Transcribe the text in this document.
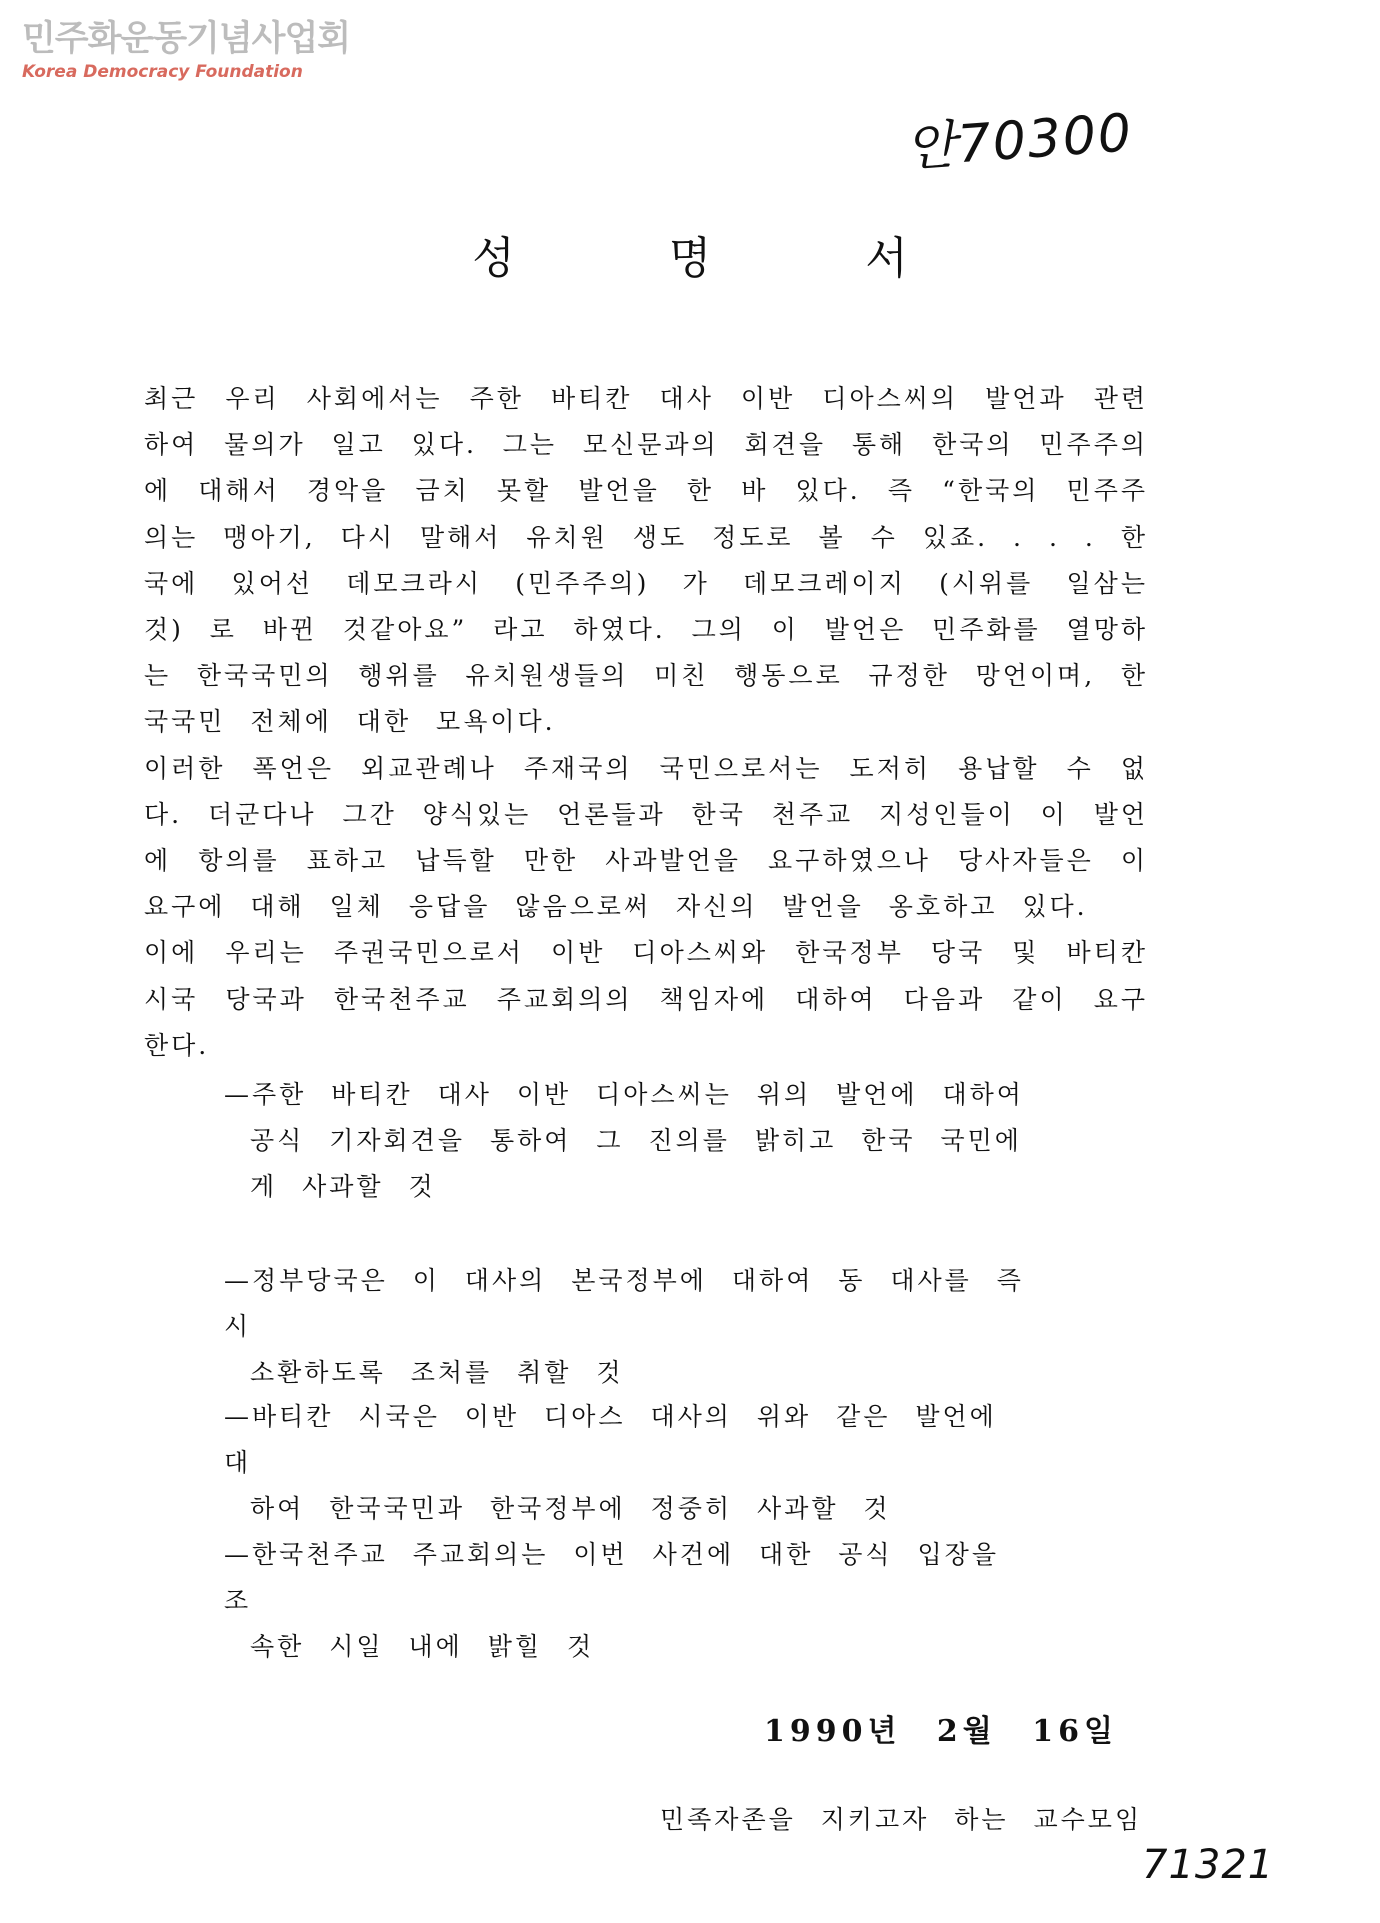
민주화운동기념사업회
Korea Democracy Foundation
안70300
성 명 서

최근 우리 사회에서는 주한 바티칸 대사 이반 디아스씨의 발언과 관련하여 물의가 일고 있다. 그는 모신문과의 회견을 통해 한국의 민주주의에 대해서 경악을 금치 못할 발언을 한 바 있다. 즉 “한국의 민주주의는 맹아기, 다시 말해서 유치원 생도 정도로 볼 수 있죠. . . . 한국에 있어선 데모크라시 (민주주의) 가 데모크레이지 (시위를 일삼는 것) 로 바뀐 것같아요” 라고 하였다. 그의 이 발언은 민주화를 열망하는 한국국민의 행위를 유치원생들의 미친 행동으로 규정한 망언이며, 한국국민 전체에 대한 모욕이다.

이러한 폭언은 외교관례나 주재국의 국민으로서는 도저히 용납할 수 없다. 더군다나 그간 양식있는 언론들과 한국 천주교 지성인들이 이 발언에 항의를 표하고 납득할 만한 사과발언을 요구하였으나 당사자들은 이 요구에 대해 일체 응답을 않음으로써 자신의 발언을 옹호하고 있다.

이에 우리는 주권국민으로서 이반 디아스씨와 한국정부 당국 및 바티칸시국 당국과 한국천주교 주교회의의 책임자에 대하여 다음과 같이 요구한다.

—주한 바티칸 대사 이반 디아스씨는 위의 발언에 대하여
공식 기자회견을 통하여 그 진의를 밝히고 한국 국민에게 사과할 것
—정부당국은 이 대사의 본국정부에 대하여 동 대사를 즉시
소환하도록 조처를 취할 것
—바티칸 시국은 이반 디아스 대사의 위와 같은 발언에 대
하여 한국국민과 한국정부에 정중히 사과할 것
—한국천주교 주교회의는 이번 사건에 대한 공식 입장을 조
속한 시일 내에 밝힐 것
1990년 2월 16일
민족자존을 지키고자 하는 교수모임
71321
